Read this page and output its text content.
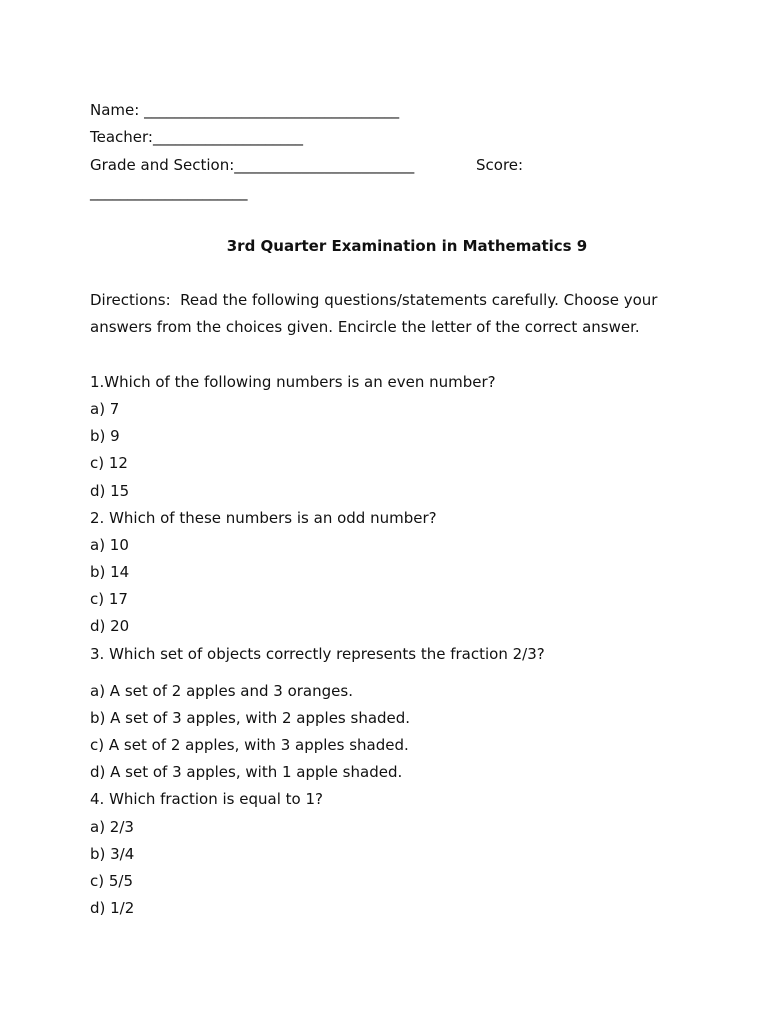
Name: __________________________________
Teacher:____________________
Grade and Section:________________________	Score:
_____________________
3rd Quarter Examination in Mathematics 9
Directions:  Read the following questions/statements carefully. Choose your
answers from the choices given. Encircle the letter of the correct answer.
1.Which of the following numbers is an even number?
a) 7
b) 9
c) 12
d) 15
2. Which of these numbers is an odd number?
a) 10
b) 14
c) 17
d) 20
3. Which set of objects correctly represents the fraction 2/3?
a) A set of 2 apples and 3 oranges.
b) A set of 3 apples, with 2 apples shaded.
c) A set of 2 apples, with 3 apples shaded.
d) A set of 3 apples, with 1 apple shaded.
4. Which fraction is equal to 1?
a) 2/3
b) 3/4
c) 5/5
d) 1/2
